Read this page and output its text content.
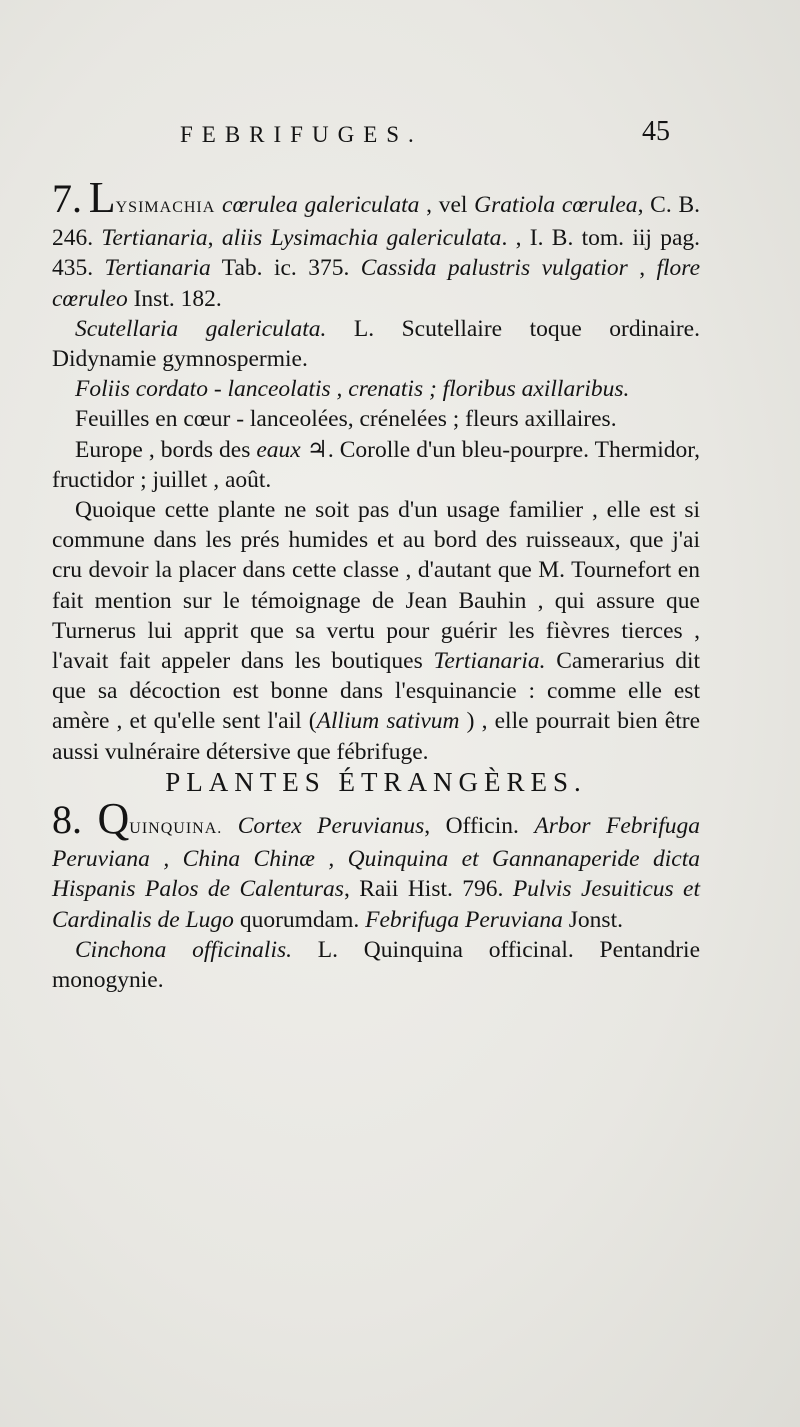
FEBRIFUGES.	45

7. LYSIMACHIA cœrulea galericulata , vel Gratiola cœrulea, C. B. 246. Tertianaria, aliis Lysimachia galericulata. , I. B. tom. iij pag. 435. Tertianaria Tab. ic. 375. Cassida palustris vulgatior , flore cœruleo Inst. 182.

Scutellaria galericulata. L. Scutellaire toque ordinaire. Didynamie gymnospermie.

Foliis cordato - lanceolatis , crenatis ; floribus axillaribus.

Feuilles en cœur - lanceolées, crénelées ; fleurs axillaires.

Europe , bords des eaux ♃. Corolle d'un bleu-pourpre. Thermidor, fructidor ; juillet , août.

Quoique cette plante ne soit pas d'un usage familier , elle est si commune dans les prés humides et au bord des ruisseaux, que j'ai cru devoir la placer dans cette classe , d'autant que M. Tournefort en fait mention sur le témoignage de Jean Bauhin , qui assure que Turnerus lui apprit que sa vertu pour guérir les fièvres tierces , l'avait fait appeler dans les boutiques Tertianaria. Camerarius dit que sa décoction est bonne dans l'esquinancie : comme elle est amère , et qu'elle sent l'ail (Allium sativum ) , elle pourrait bien être aussi vulnéraire détersive que fébrifuge.

PLANTES ÉTRANGÈRES.

8. QUINQUINA. Cortex Peruvianus, Officin. Arbor Febrifuga Peruviana , China Chinæ , Quinquina et Gannanaperide dicta Hispanis Palos de Calenturas, Raii Hist. 796. Pulvis Jesuiticus et Cardinalis de Lugo quorumdam. Febrifuga Peruviana Jonst.

Cinchona officinalis. L. Quinquina officinal. Pentandrie monogynie.
